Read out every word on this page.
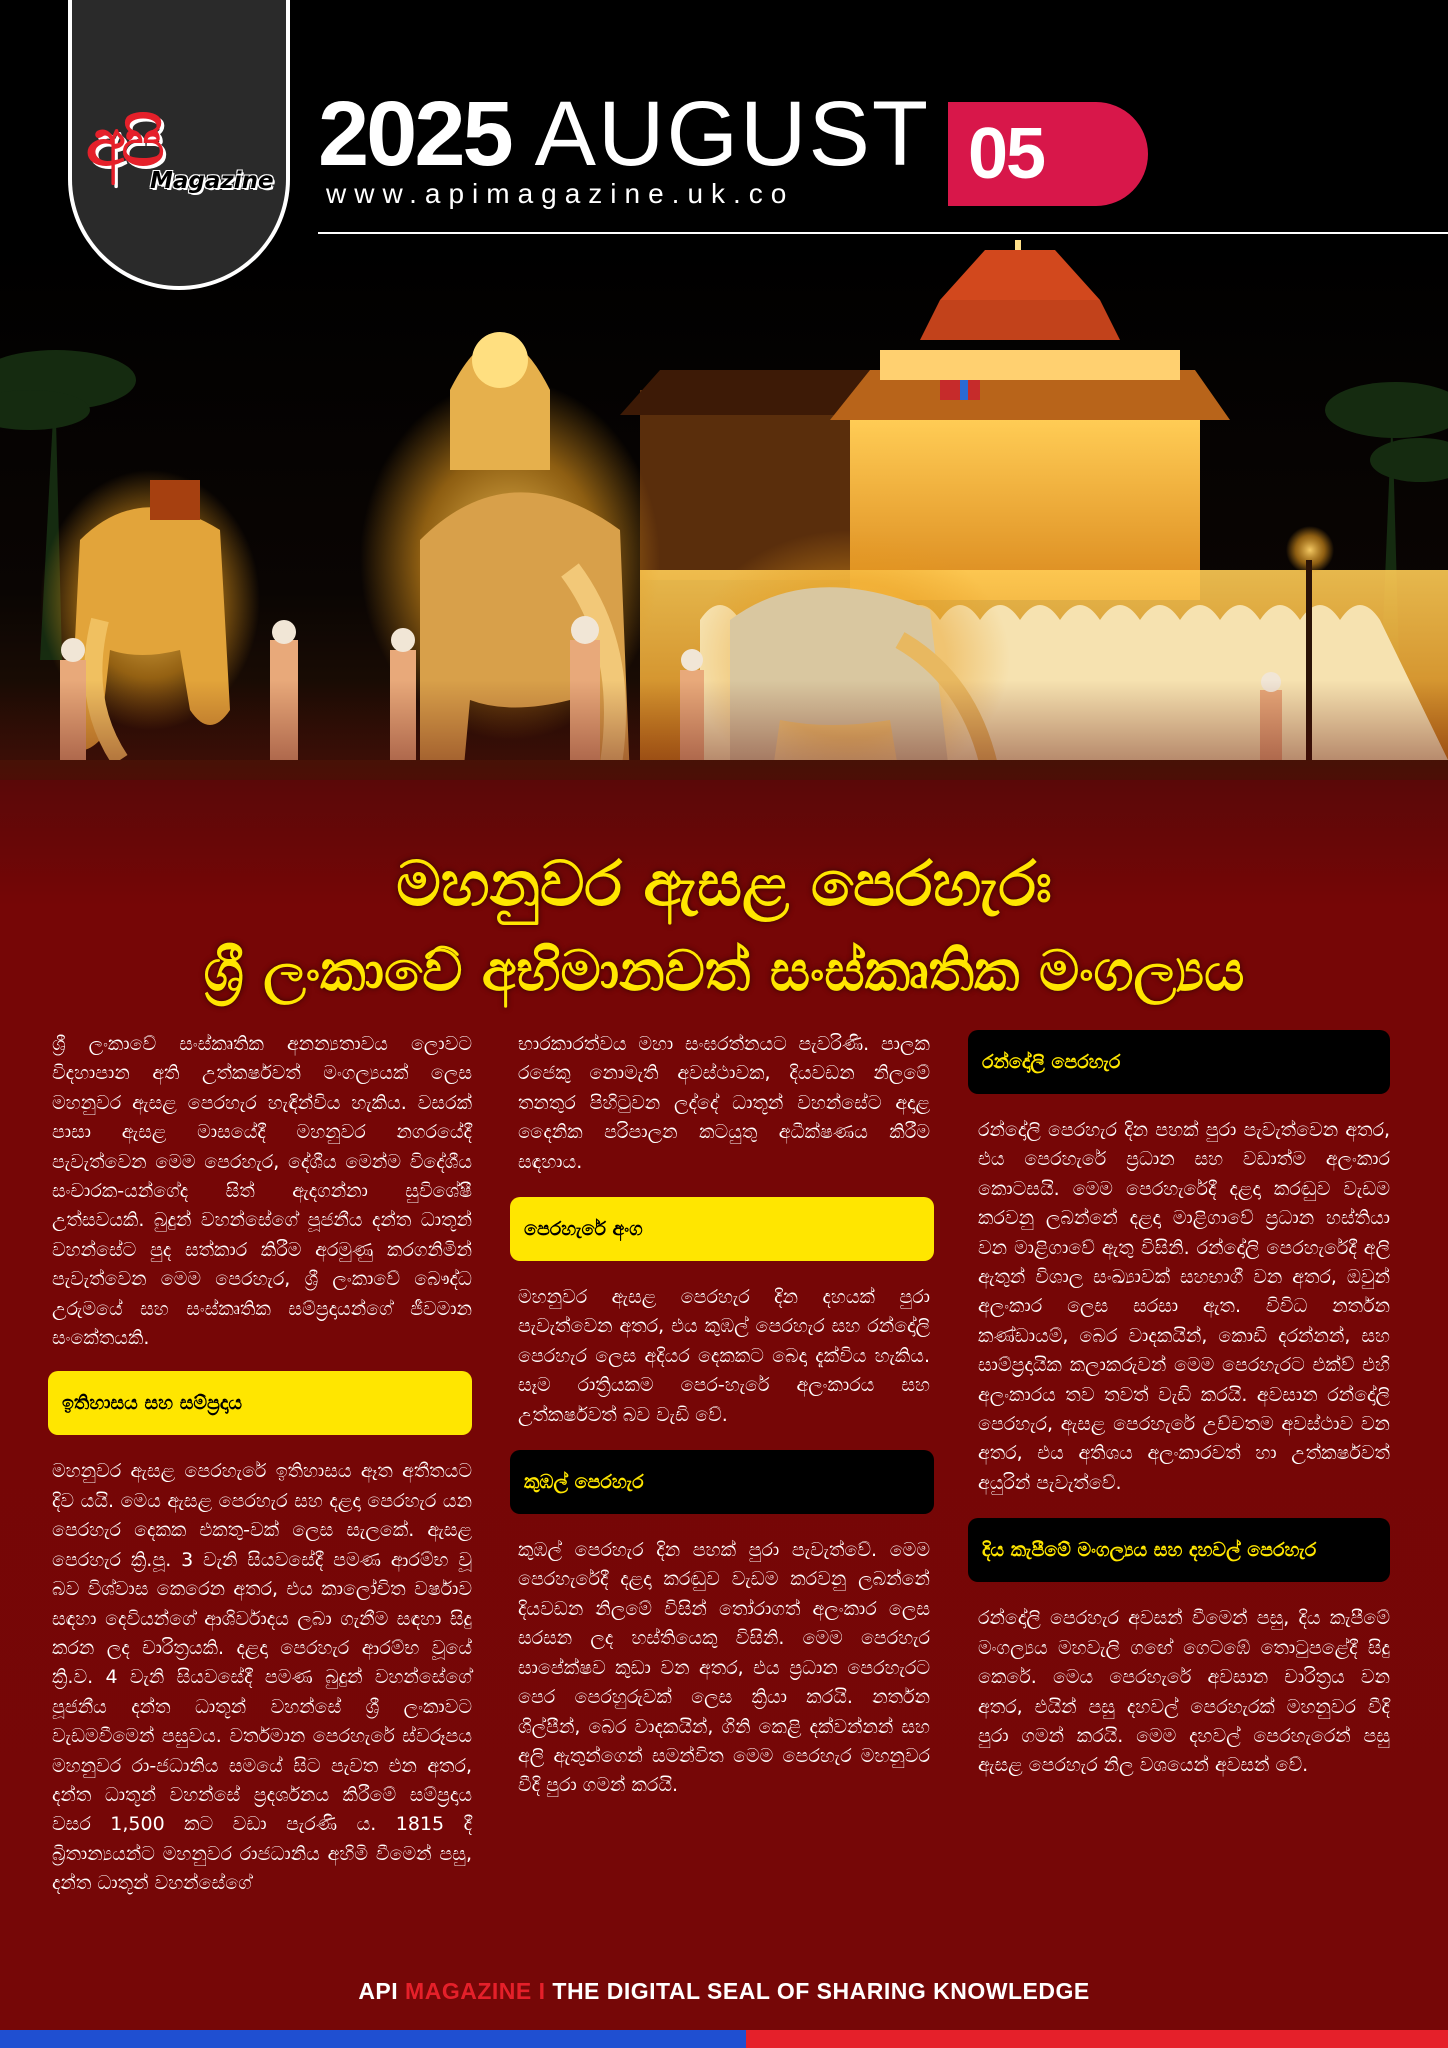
අපි
Magazine 2025 AUGUST
www.apimagazine.uk.co 05
මහනුවර ඇසළ පෙරහැරඃ
ශ්‍රී ලංකාවේ අභිමානවත් සංස්කෘතික මංගල්‍යය

ශ්‍රී ලංකාවේ සංස්කෘතික අනන්‍යතාවය ලොවට විදහාපාන අති උත්කර්ෂවත් මංගල්‍යයක් ලෙස මහනුවර ඇසළ පෙරහැර හැඳින්විය හැකිය. වසරක් පාසා ඇසළ මාසයේදී මහනුවර නගරයේදී පැවැත්වෙන මෙම පෙරහැර, දේශීය මෙන්ම විදේශීය සංචාරක-යන්ගේද සිත් ඇදගන්නා සුවිශේෂී උත්සවයකි. බුදුන් වහන්සේගේ පූජනීය දන්ත ධාතූන් වහන්සේට පුද සත්කාර කිරීම අරමුණු කරගනිමින් පැවැත්වෙන මෙම පෙරහැර, ශ්‍රී ලංකාවේ බෞද්ධ උරුමයේ සහ සංස්කෘතික සම්ප්‍රදායන්ගේ ජීවමාන සංකේතයකි.

ඉතිහාසය සහ සම්ප්‍රදාය

මහනුවර ඇසළ පෙරහැරේ ඉතිහාසය ඈත අතීතයට දිව යයි. මෙය ඇසළ පෙරහැර සහ දළදා පෙරහැර යන පෙරහැර දෙකක එකතු-වක් ලෙස සැලකේ. ඇසළ පෙරහැර ක්‍රි.පූ. 3 වැනි සියවසේදී පමණ ආරම්භ වූ බව විශ්වාස කෙරෙන අතර, එය කාලෝචිත වර්ෂාව සඳහා දෙවියන්ගේ ආශිර්වාදය ලබා ගැනීම සඳහා සිදු කරන ලද චාරිත්‍රයකි. දළදා පෙරහැර ආරම්භ වූයේ ක්‍රි.ව. 4 වැනි සියවසේදී පමණ බුදුන් වහන්සේගේ පූජනීය දන්ත ධාතූන් වහන්සේ ශ්‍රී ලංකාවට වැඩමවීමෙන් පසුවය. වර්තමාන පෙරහැරේ ස්වරූපය මහනුවර රා-ජධානිය සමයේ සිට පැවත එන අතර, දන්ත ධාතූන් වහන්සේ ප්‍රදර්ශනය කිරීමේ සම්ප්‍රදාය වසර 1,500 කට වඩා පැරණි ය. 1815 දී බ්‍රිතාන්‍යයන්ට මහනුවර රාජධානිය අහිමි වීමෙන් පසු, දන්ත ධාතූන් වහන්සේගේ

භාරකාරත්වය මහා සංඝරත්නයට පැවරිණි. පාලක රජෙකු නොමැති අවස්ථාවක, දියවඩන නිලමේ තනතුර පිහිටුවන ලද්දේ ධාතූන් වහන්සේට අදාළ දෛනික පරිපාලන කටයුතු අධීක්ෂණය කිරීම සඳහාය.

පෙරහැරේ අංග

මහනුවර ඇසළ පෙරහැර දින දහයක් පුරා පැවැත්වෙන අතර, එය කුඹල් පෙරහැර සහ රන්දෝලි පෙරහැර ලෙස අදියර දෙකකට බෙදා දැක්විය හැකිය. සෑම රාත්‍රියකම පෙර-හැරේ අලංකාරය සහ උත්කර්ෂවත් බව වැඩි වේ.

කුඹල් පෙරහැර

කුඹල් පෙරහැර දින පහක් පුරා පැවැත්වේ. මෙම පෙරහැරේදී දළදා කරඬුව වැඩම කරවනු ලබන්නේ දියවඩන නිලමේ විසින් තෝරාගත් අලංකාර ලෙස සරසන ලද හස්තියෙකු විසිනි. මෙම පෙරහැර සාපේක්ෂව කුඩා වන අතර, එය ප්‍රධාන පෙරහැරට පෙර පෙරහුරුවක් ලෙස ක්‍රියා කරයි. නර්තන ශිල්පීන්, බෙර වාදකයින්, ගිනි කෙළි දක්වන්නන් සහ අලි ඇතුන්ගෙන් සමන්විත මෙම පෙරහැර මහනුවර වීදි පුරා ගමන් කරයි.

රන්දෝලි පෙරහැර

රන්දෝලි පෙරහැර දින පහක් පුරා පැවැත්වෙන අතර, එය පෙරහැරේ ප්‍රධාන සහ වඩාත්ම අලංකාර කොටසයි. මෙම පෙරහැරේදී දළදා කරඬුව වැඩම කරවනු ලබන්නේ දළදා මාළිගාවේ ප්‍රධාන හස්තියා වන මාළිගාවේ ඇතු විසිනි. රන්දෝලි පෙරහැරේදී අලි ඇතුන් විශාල සංඛ්‍යාවක් සහභාගී වන අතර, ඔවුන් අලංකාර ලෙස සරසා ඇත. විවිධ නර්තන කණ්ඩායම්, බෙර වාදකයින්, කොඩි දරන්නන්, සහ සාම්ප්‍රදායික කලාකරුවන් මෙම පෙරහැරට එක්ව් එහි අලංකාරය තව තවත් වැඩි කරයි. අවසාන රන්දෝලි පෙරහැර, ඇසළ පෙරහැරේ උච්චතම අවස්ථාව වන අතර, එය අතිශය අලංකාරවත් හා උත්කර්ෂවත් අයුරින් පැවැත්වේ.

දිය කැපීමේ මංගල්‍යය සහ දහවල් පෙරහැර

රන්දෝලි පෙරහැර අවසන් වීමෙන් පසු, දිය කැපීමේ මංගල්‍යය මහවැලි ගඟේ ගෙටඹේ තොටුපළේදී සිදු කෙරේ. මෙය පෙරහැරේ අවසාන චාරිත්‍රය වන අතර, එයින් පසු දහවල් පෙරහැරක් මහනුවර වීදි පුරා ගමන් කරයි. මෙම දහවල් පෙරහැරෙන් පසු ඇසළ පෙරහැර නිල වශයෙන් අවසන් වේ.

API MAGAZINE I THE DIGITAL SEAL OF SHARING KNOWLEDGE
